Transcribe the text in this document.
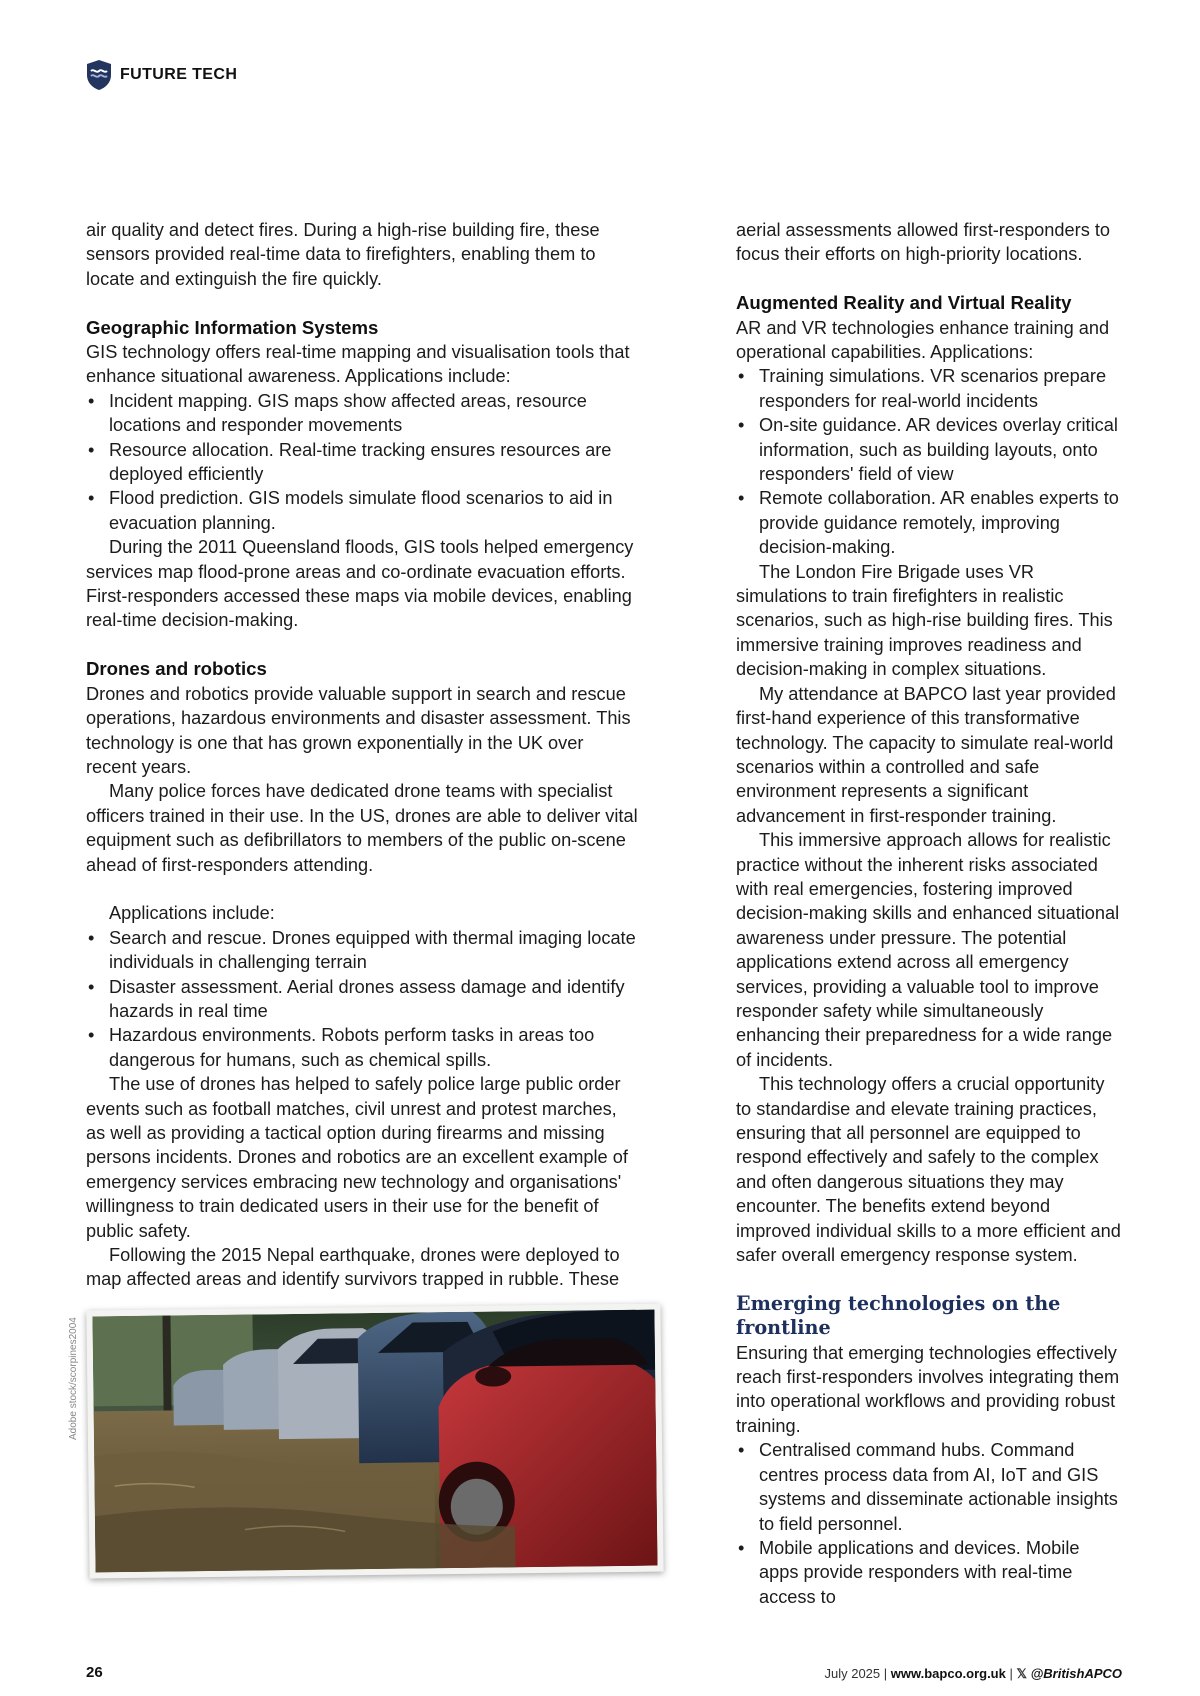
FUTURE TECH

air quality and detect fires. During a high-rise building fire, these sensors provided real-time data to firefighters, enabling them to locate and extinguish the fire quickly.

Geographic Information Systems

GIS technology offers real-time mapping and visualisation tools that enhance situational awareness. Applications include:

• Incident mapping. GIS maps show affected areas, resource locations and responder movements
• Resource allocation. Real-time tracking ensures resources are deployed efficiently
• Flood prediction. GIS models simulate flood scenarios to aid in evacuation planning.

During the 2011 Queensland floods, GIS tools helped emergency services map flood-prone areas and co-ordinate evacuation efforts. First-responders accessed these maps via mobile devices, enabling real-time decision-making.

Drones and robotics

Drones and robotics provide valuable support in search and rescue operations, hazardous environments and disaster assessment. This technology is one that has grown exponentially in the UK over recent years.

Many police forces have dedicated drone teams with specialist officers trained in their use. In the US, drones are able to deliver vital equipment such as defibrillators to members of the public on-scene ahead of first-responders attending.

Applications include:

• Search and rescue. Drones equipped with thermal imaging locate individuals in challenging terrain
• Disaster assessment. Aerial drones assess damage and identify hazards in real time
• Hazardous environments. Robots perform tasks in areas too dangerous for humans, such as chemical spills.

The use of drones has helped to safely police large public order events such as football matches, civil unrest and protest marches, as well as providing a tactical option during firearms and missing persons incidents. Drones and robotics are an excellent example of emergency services embracing new technology and organisations' willingness to train dedicated users in their use for the benefit of public safety.

Following the 2015 Nepal earthquake, drones were deployed to map affected areas and identify survivors trapped in rubble. These

aerial assessments allowed first-responders to focus their efforts on high-priority locations.

Augmented Reality and Virtual Reality

AR and VR technologies enhance training and operational capabilities. Applications:

• Training simulations. VR scenarios prepare responders for real-world incidents
• On-site guidance. AR devices overlay critical information, such as building layouts, onto responders' field of view
• Remote collaboration. AR enables experts to provide guidance remotely, improving decision-making.

The London Fire Brigade uses VR simulations to train firefighters in realistic scenarios, such as high-rise building fires. This immersive training improves readiness and decision-making in complex situations.

My attendance at BAPCO last year provided first-hand experience of this transformative technology. The capacity to simulate real-world scenarios within a controlled and safe environment represents a significant advancement in first-responder training.

This immersive approach allows for realistic practice without the inherent risks associated with real emergencies, fostering improved decision-making skills and enhanced situational awareness under pressure. The potential applications extend across all emergency services, providing a valuable tool to improve responder safety while simultaneously enhancing their preparedness for a wide range of incidents.

This technology offers a crucial opportunity to standardise and elevate training practices, ensuring that all personnel are equipped to respond effectively and safely to the complex and often dangerous situations they may encounter. The benefits extend beyond improved individual skills to a more efficient and safer overall emergency response system.

Emerging technologies on the frontline

Ensuring that emerging technologies effectively reach first-responders involves integrating them into operational workflows and providing robust training.

• Centralised command hubs. Command centres process data from AI, IoT and GIS systems and disseminate actionable insights to field personnel.
• Mobile applications and devices. Mobile apps provide responders with real-time access to
Adobe stock/scorpines2004
26	July 2025 | www.bapco.org.uk | 𝕏 @BritishAPCO
